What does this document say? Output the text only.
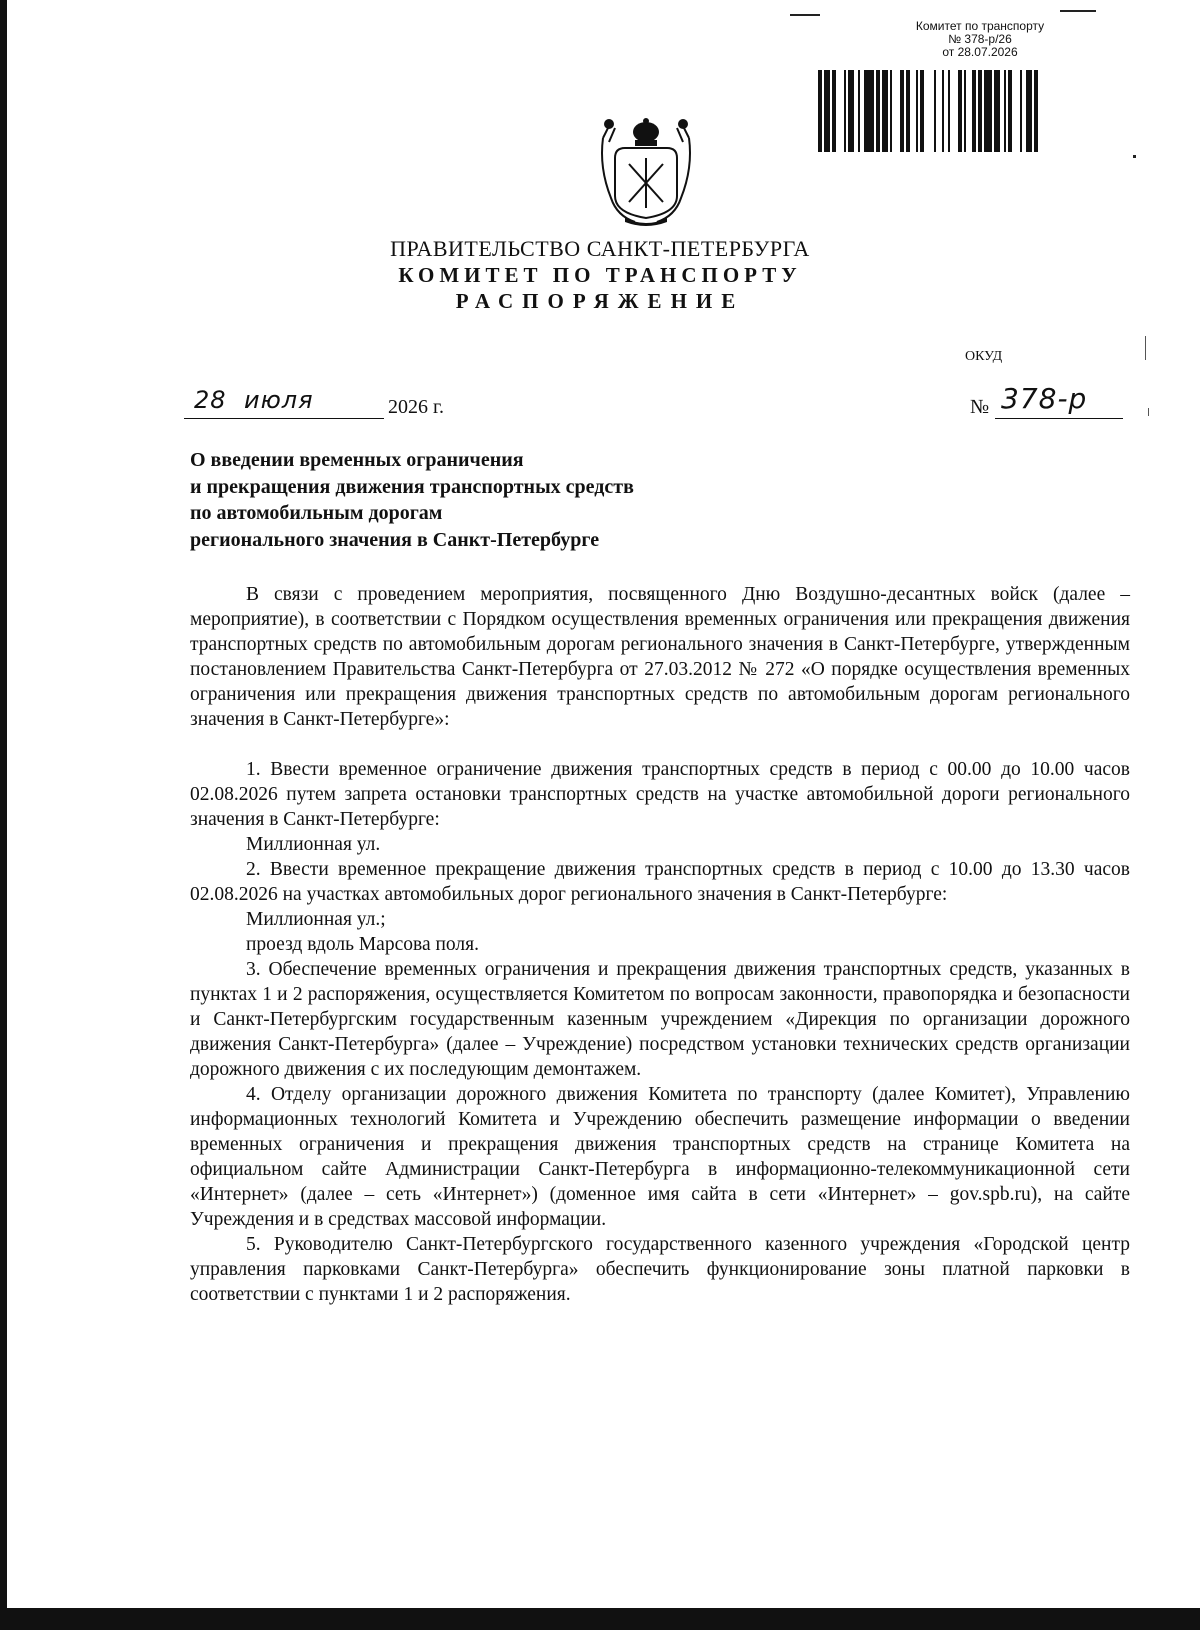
Комитет по транспорту
№ 378-р/26
от 28.07.2026
ПРАВИТЕЛЬСТВО САНКТ-ПЕТЕРБУРГА
КОМИТЕТ ПО ТРАНСПОРТУ
РАСПОРЯЖЕНИЕ
ОКУД
28 июля	2026 г.	№ 378-р
О введении временных ограничения
и прекращения движения транспортных средств
по автомобильным дорогам
регионального значения в Санкт-Петербурге

В связи с проведением мероприятия, посвященного Дню Воздушно-десантных войск (далее – мероприятие), в соответствии с Порядком осуществления временных ограничения или прекращения движения транспортных средств по автомобильным дорогам регионального значения в Санкт-Петербурге, утвержденным постановлением Правительства Санкт-Петербурга от 27.03.2012 № 272 «О порядке осуществления временных ограничения или прекращения движения транспортных средств по автомобильным дорогам регионального значения в Санкт-Петербурге»:

1. Ввести временное ограничение движения транспортных средств в период с 00.00 до 10.00 часов 02.08.2026 путем запрета остановки транспортных средств на участке автомобильной дороги регионального значения в Санкт-Петербурге:

Миллионная ул.

2. Ввести временное прекращение движения транспортных средств в период с 10.00 до 13.30 часов 02.08.2026 на участках автомобильных дорог регионального значения в Санкт-Петербурге:

Миллионная ул.;

проезд вдоль Марсова поля.

3. Обеспечение временных ограничения и прекращения движения транспортных средств, указанных в пунктах 1 и 2 распоряжения, осуществляется Комитетом по вопросам законности, правопорядка и безопасности и Санкт-Петербургским государственным казенным учреждением «Дирекция по организации дорожного движения Санкт-Петербурга» (далее – Учреждение) посредством установки технических средств организации дорожного движения с их последующим демонтажем.

4. Отделу организации дорожного движения Комитета по транспорту (далее Комитет), Управлению информационных технологий Комитета и Учреждению обеспечить размещение информации о введении временных ограничения и прекращения движения транспортных средств на странице Комитета на официальном сайте Администрации Санкт-Петербурга в информационно-телекоммуникационной сети «Интернет» (далее – сеть «Интернет») (доменное имя сайта в сети «Интернет» – gov.spb.ru), на сайте Учреждения и в средствах массовой информации.

5. Руководителю Санкт-Петербургского государственного казенного учреждения «Городской центр управления парковками Санкт-Петербурга» обеспечить функционирование зоны платной парковки в соответствии с пунктами 1 и 2 распоряжения.
